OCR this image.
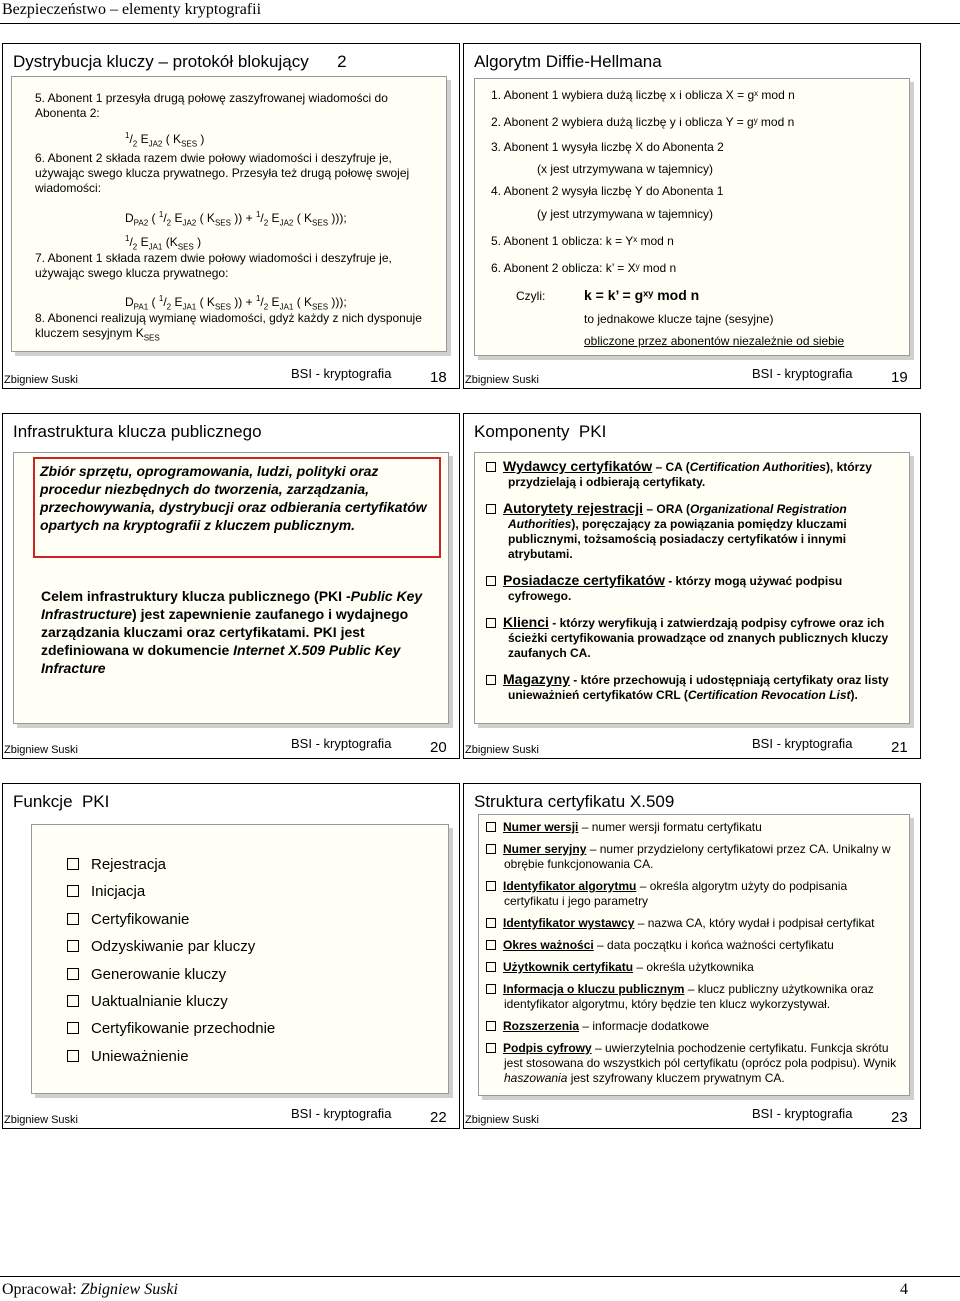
Bezpieczeństwo – elementy kryptografii
Dystrybucja kluczy – protokół blokujący      2
5. Abonent 1 przesyła drugą połowę zaszyfrowanej wiadomości do Abonenta 2:
$^1/_2$ $E_{JA2}$ ( $K_{SES}$ )
6. Abonent 2 składa razem dwie połowy wiadomości i deszyfruje je, używając swego klucza prywatnego. Przesyła też drugą połowę swojej wiadomości:
$D_{PA2}$ ( $^1/_2$ $E_{JA2}$ ( $K_{SES}$ )) + $^1/_2$ $E_{JA2}$ ( $K_{SES}$ )));
$^1/_2$ $E_{JA1}$ ($K_{SES}$ )
7. Abonent 1 składa razem dwie połowy wiadomości i deszyfruje je, używając swego klucza prywatnego:
$D_{PA1}$ ( $^1/_2$ $E_{JA1}$ ( $K_{SES}$ )) + $^1/_2$ $E_{JA1}$ ( $K_{SES}$ )));
8. Abonenci realizują wymianę wiadomości, gdyż każdy z nich dysponuje kluczem sesyjnym $K_{SES}$
Zbigniew Suski	BSI - kryptografia	18
Algorytm Diffie-Hellmana
1. Abonent 1 wybiera dużą liczbę x i oblicza X = gˣ mod n
2. Abonent 2 wybiera dużą liczbę y i oblicza Y = gʸ mod n
3. Abonent 1 wysyła liczbę X do Abonenta 2
(x jest utrzymywana w tajemnicy)
4. Abonent 2 wysyła liczbę Y do Abonenta 1
(y jest utrzymywana w tajemnicy)
5. Abonent 1 oblicza: k = Yˣ mod n
6. Abonent 2 oblicza: k’ = Xʸ mod n
Czyli:	k = k’ = gˣʸ mod n
to jednakowe klucze tajne (sesyjne)
obliczone przez abonentów niezależnie od siebie
Zbigniew Suski	BSI - kryptografia	19
Infrastruktura klucza publicznego
Zbiór sprzętu, oprogramowania, ludzi, polityki oraz procedur niezbędnych do tworzenia, zarządzania, przechowywania, dystrybucji oraz odbierania certyfikatów opartych na kryptografii z kluczem publicznym.
Celem infrastruktury klucza publicznego (PKI -Public Key Infrastructure) jest zapewnienie zaufanego i wydajnego zarządzania kluczami oraz certyfikatami. PKI jest zdefiniowana w dokumencie Internet X.509 Public Key Infracture
Zbigniew Suski	BSI - kryptografia	20
Komponenty  PKI
Wydawcy certyfikatów – CA (Certification Authorities), którzy przydzielają i odbierają certyfikaty.
Autorytety rejestracji – ORA (Organizational Registration Authorities), poręczający za powiązania pomiędzy kluczami publicznymi, tożsamością posiadaczy certyfikatów i innymi atrybutami.
Posiadacze certyfikatów - którzy mogą używać podpisu cyfrowego.
Klienci - którzy weryfikują i zatwierdzają podpisy cyfrowe oraz ich ścieżki certyfikowania prowadzące od znanych publicznych kluczy zaufanych CA.
Magazyny - które przechowują i udostępniają certyfikaty oraz listy unieważnień certyfikatów CRL (Certification Revocation List).
Zbigniew Suski	BSI - kryptografia	21
Funkcje  PKI
Rejestracja
Inicjacja
Certyfikowanie
Odzyskiwanie par kluczy
Generowanie kluczy
Uaktualnianie kluczy
Certyfikowanie przechodnie
Unieważnienie
Zbigniew Suski	BSI - kryptografia	22
Struktura certyfikatu X.509
Numer wersji – numer wersji formatu certyfikatu
Numer seryjny – numer przydzielony certyfikatowi przez CA. Unikalny w obrębie funkcjonowania CA.
Identyfikator algorytmu – określa algorytm użyty do podpisania certyfikatu i jego parametry
Identyfikator wystawcy – nazwa CA, który wydał i podpisał certyfikat
Okres ważności – data początku i końca ważności certyfikatu
Użytkownik certyfikatu – określa użytkownika
Informacja o kluczu publicznym – klucz publiczny użytkownika oraz identyfikator algorytmu, który będzie ten klucz wykorzystywał.
Rozszerzenia – informacje dodatkowe
Podpis cyfrowy – uwierzytelnia pochodzenie certyfikatu. Funkcja skrótu jest stosowana do wszystkich pól certyfikatu (oprócz pola podpisu). Wynik haszowania jest szyfrowany kluczem prywatnym CA.
Zbigniew Suski	BSI - kryptografia	23
Opracował: Zbigniew Suski	4
